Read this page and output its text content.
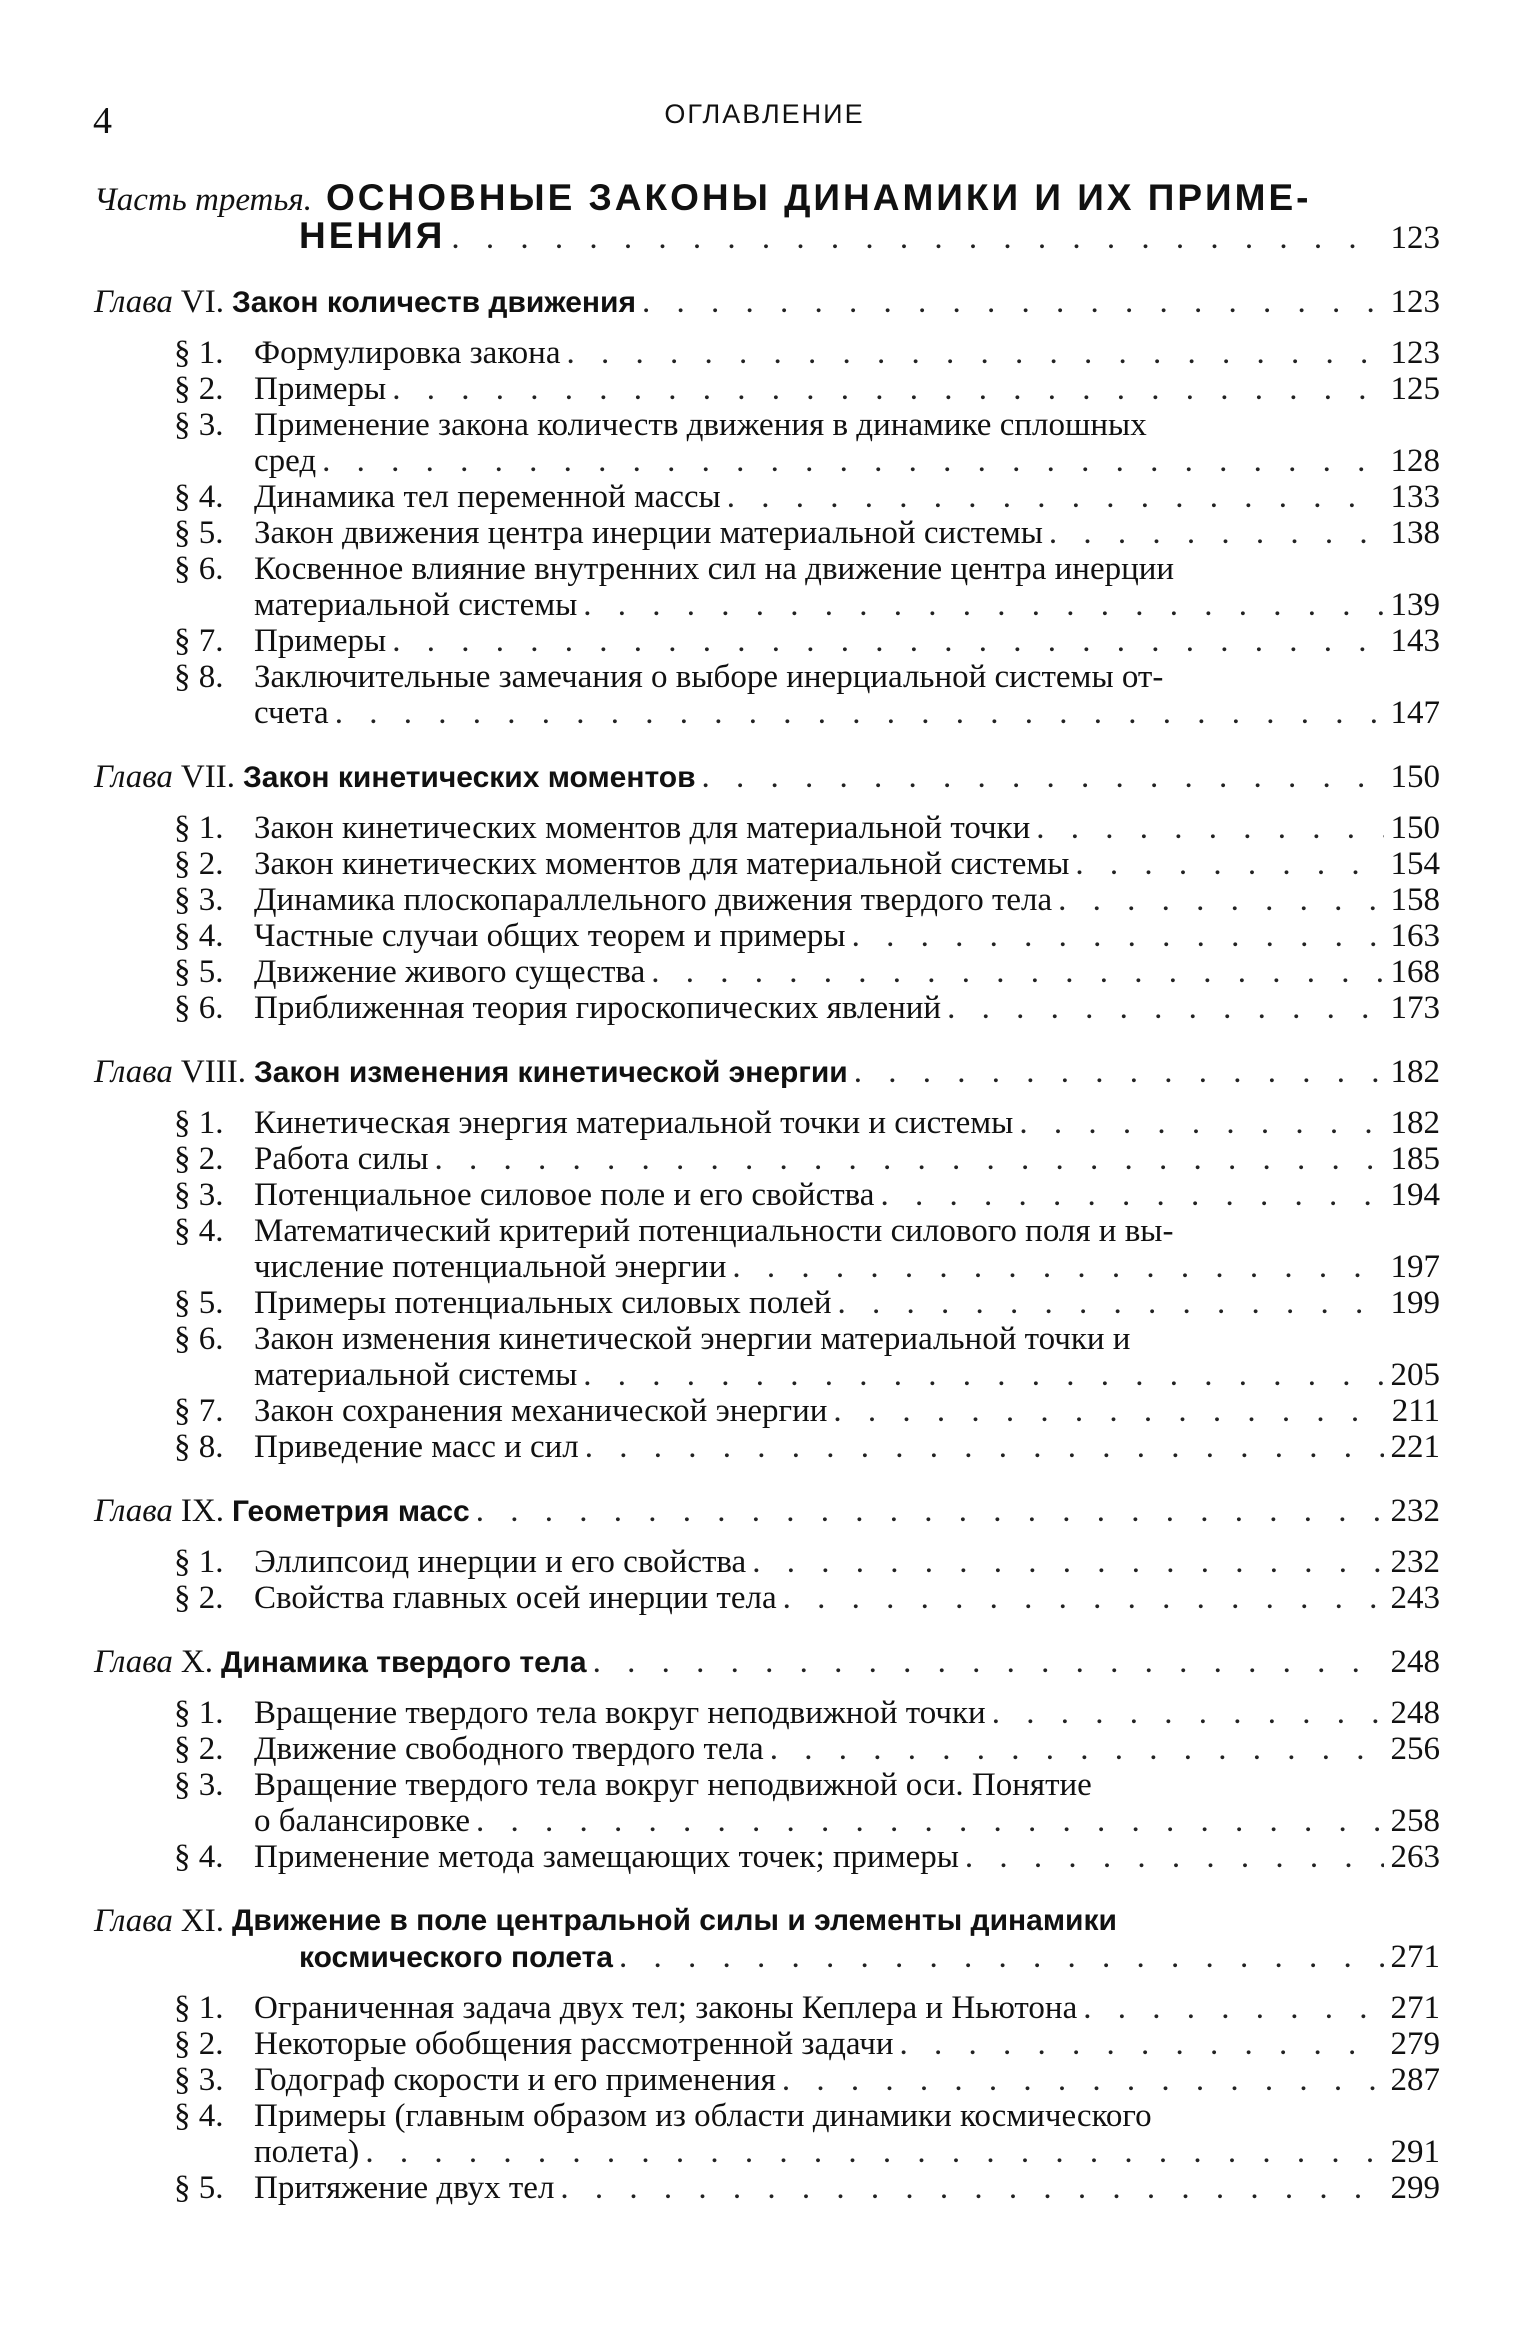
4	ОГЛАВЛЕНИЕ
Часть третья. ОСНОВНЫЕ ЗАКОНЫ ДИНАМИКИ И ИХ ПРИМЕ-
НЕНИЯ . . .	123
Глава VI. Закон количеств движения . . .	123
§ 1. Формулировка закона . . .	123
§ 2. Примеры . . .	125
§ 3. Применение закона количеств движения в динамике сплошных
сред . . .	128
§ 4. Динамика тел переменной массы . . .	133
§ 5. Закон движения центра инерции материальной системы . . .	138
§ 6. Косвенное влияние внутренних сил на движение центра инерции
материальной системы . . .	139
§ 7. Примеры . . .	143
§ 8. Заключительные замечания о выборе инерциальной системы от-
счета . . .	147
Глава VII. Закон кинетических моментов . . .	150
§ 1. Закон кинетических моментов для материальной точки . . .	150
§ 2. Закон кинетических моментов для материальной системы . . .	154
§ 3. Динамика плоскопараллельного движения твердого тела . . .	158
§ 4. Частные случаи общих теорем и примеры . . .	163
§ 5. Движение живого существа . . .	168
§ 6. Приближенная теория гироскопических явлений . . .	173
Глава VIII. Закон изменения кинетической энергии . . .	182
§ 1. Кинетическая энергия материальной точки и системы . . .	182
§ 2. Работа силы . . .	185
§ 3. Потенциальное силовое поле и его свойства . . .	194
§ 4. Математический критерий потенциальности силового поля и вы-
числение потенциальной энергии . . .	197
§ 5. Примеры потенциальных силовых полей . . .	199
§ 6. Закон изменения кинетической энергии материальной точки и
материальной системы . . .	205
§ 7. Закон сохранения механической энергии . . .	211
§ 8. Приведение масс и сил . . .	221
Глава IX. Геометрия масс . . .	232
§ 1. Эллипсоид инерции и его свойства . . .	232
§ 2. Свойства главных осей инерции тела . . .	243
Глава X. Динамика твердого тела . . .	248
§ 1. Вращение твердого тела вокруг неподвижной точки . . .	248
§ 2. Движение свободного твердого тела . . .	256
§ 3. Вращение твердого тела вокруг неподвижной оси. Понятие
о балансировке . . .	258
§ 4. Применение метода замещающих точек; примеры . . .	263
Глава XI. Движение в поле центральной силы и элементы динамики
космического полета . . .	271
§ 1. Ограниченная задача двух тел; законы Кеплера и Ньютона . . .	271
§ 2. Некоторые обобщения рассмотренной задачи . . .	279
§ 3. Годограф скорости и его применения . . .	287
§ 4. Примеры (главным образом из области динамики космического
полета) . . .	291
§ 5. Притяжение двух тел . . .	299
